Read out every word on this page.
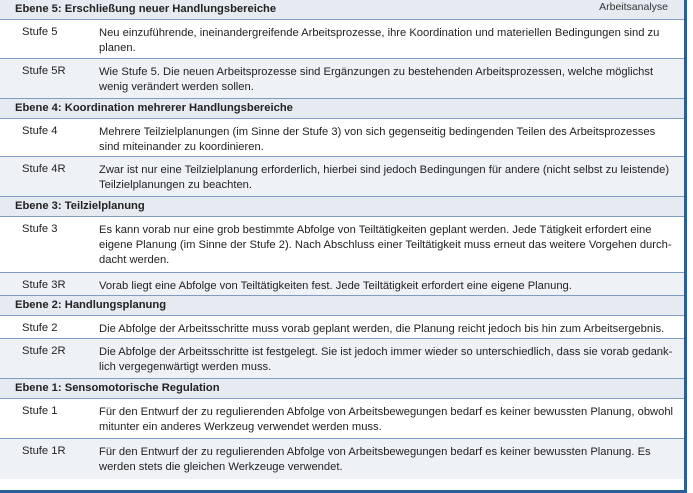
Arbeitsanalyse
Ebene 5: Erschließung neuer Handlungsbereiche
Stufe 5	Neu einzuführende, ineinandergreifende Arbeitsprozesse, ihre Koordination und materiellen Bedingungen sind zu planen.
Stufe 5R	Wie Stufe 5. Die neuen Arbeitsprozesse sind Ergänzungen zu bestehenden Arbeitsprozessen, welche möglichst wenig verändert werden sollen.
Ebene 4: Koordination mehrerer Handlungsbereiche
Stufe 4	Mehrere Teilzielplanungen (im Sinne der Stufe 3) von sich gegenseitig bedingenden Teilen des Arbeitsprozesses sind miteinander zu koordinieren.
Stufe 4R	Zwar ist nur eine Teilzielplanung erforderlich, hierbei sind jedoch Bedingungen für andere (nicht selbst zu leistende) Teilzielplanungen zu beachten.
Ebene 3: Teilzielplanung
Stufe 3	Es kann vorab nur eine grob bestimmte Abfolge von Teiltätigkeiten geplant werden. Jede Tätigkeit erfordert eine eigene Planung (im Sinne der Stufe 2). Nach Abschluss einer Teiltätigkeit muss erneut das weitere Vorgehen durchdacht werden.
Stufe 3R	Vorab liegt eine Abfolge von Teiltätigkeiten fest. Jede Teiltätigkeit erfordert eine eigene Planung.
Ebene 2: Handlungsplanung
Stufe 2	Die Abfolge der Arbeitsschritte muss vorab geplant werden, die Planung reicht jedoch bis hin zum Arbeitsergebnis.
Stufe 2R	Die Abfolge der Arbeitsschritte ist festgelegt. Sie ist jedoch immer wieder so unterschiedlich, dass sie vorab gedanklich vergegenwärtigt werden muss.
Ebene 1: Sensomotorische Regulation
Stufe 1	Für den Entwurf der zu regulierenden Abfolge von Arbeitsbewegungen bedarf es keiner bewussten Planung, obwohl mitunter ein anderes Werkzeug verwendet werden muss.
Stufe 1R	Für den Entwurf der zu regulierenden Abfolge von Arbeitsbewegungen bedarf es keiner bewussten Planung. Es werden stets die gleichen Werkzeuge verwendet.
